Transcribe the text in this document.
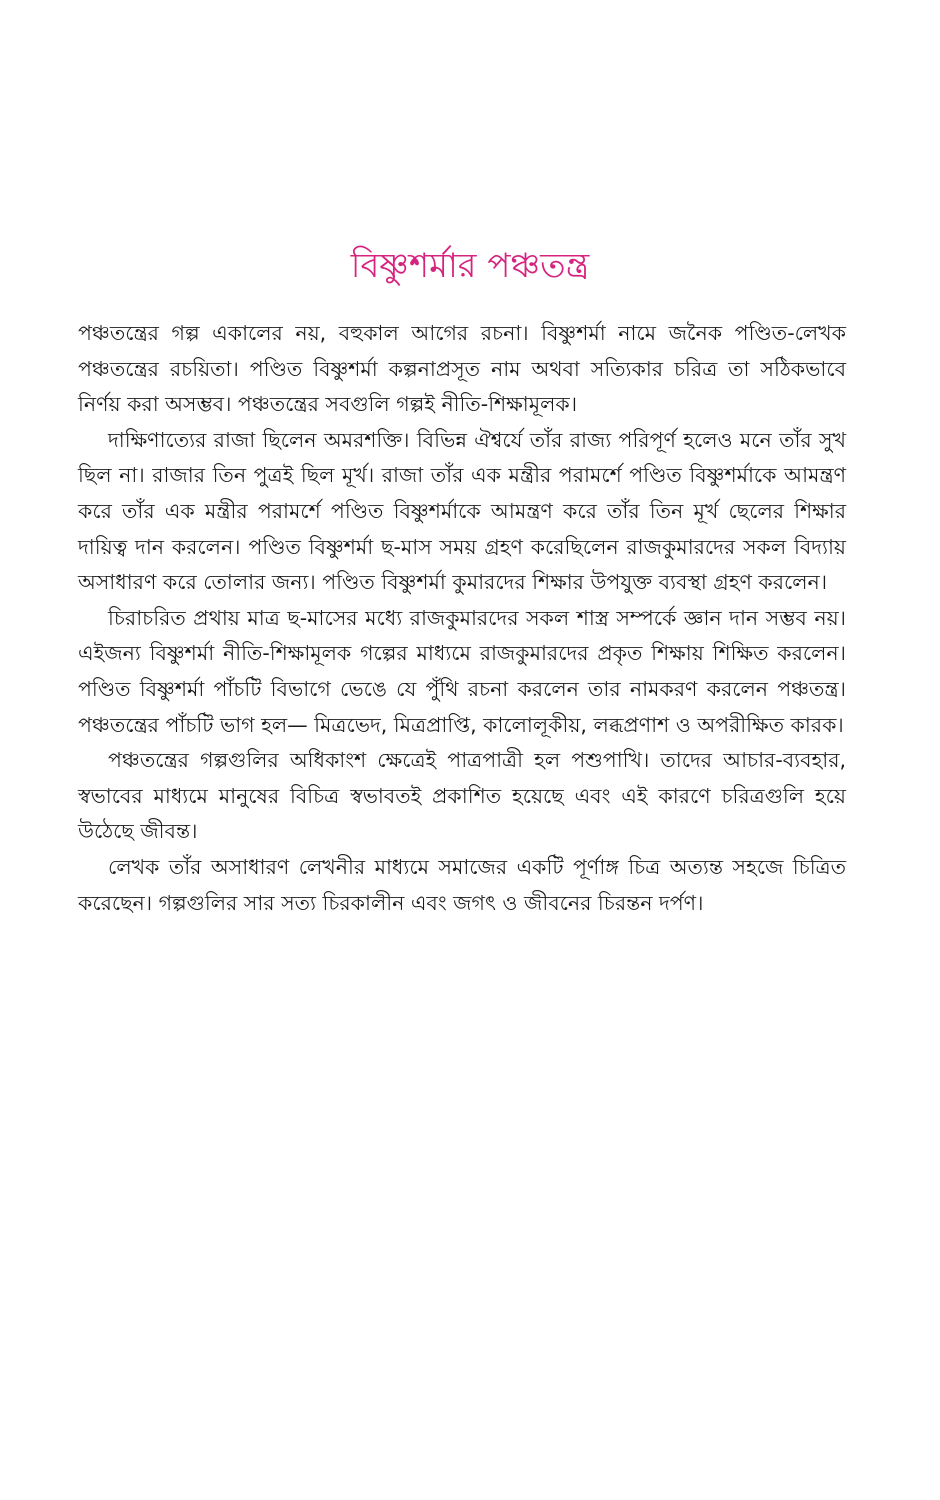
বিষ্ণুশর্মার পঞ্চতন্ত্র

পঞ্চতন্ত্রের গল্প একালের নয়, বহুকাল আগের রচনা। বিষ্ণুশর্মা নামে জনৈক পণ্ডিত-লেখক পঞ্চতন্ত্রের রচয়িতা। পণ্ডিত বিষ্ণুশর্মা কল্পনাপ্রসূত নাম অথবা সত্যিকার চরিত্র তা সঠিকভাবে নির্ণয় করা অসম্ভব। পঞ্চতন্ত্রের সবগুলি গল্পই নীতি-শিক্ষামূলক।

দাক্ষিণাত্যের রাজা ছিলেন অমরশক্তি। বিভিন্ন ঐশ্বর্যে তাঁর রাজ্য পরিপূর্ণ হলেও মনে তাঁর সুখ ছিল না। রাজার তিন পুত্রই ছিল মূর্খ। রাজা তাঁর এক মন্ত্রীর পরামর্শে পণ্ডিত বিষ্ণুশর্মাকে আমন্ত্রণ করে তাঁর এক মন্ত্রীর পরামর্শে পণ্ডিত বিষ্ণুশর্মাকে আমন্ত্রণ করে তাঁর তিন মূর্খ ছেলের শিক্ষার দায়িত্ব দান করলেন। পণ্ডিত বিষ্ণুশর্মা ছ-মাস সময় গ্রহণ করেছিলেন রাজকুমারদের সকল বিদ্যায় অসাধারণ করে তোলার জন্য। পণ্ডিত বিষ্ণুশর্মা কুমারদের শিক্ষার উপযুক্ত ব্যবস্থা গ্রহণ করলেন।

চিরাচরিত প্রথায় মাত্র ছ-মাসের মধ্যে রাজকুমারদের সকল শাস্ত্র সম্পর্কে জ্ঞান দান সম্ভব নয়। এইজন্য বিষ্ণুশর্মা নীতি-শিক্ষামূলক গল্পের মাধ্যমে রাজকুমারদের প্রকৃত শিক্ষায় শিক্ষিত করলেন। পণ্ডিত বিষ্ণুশর্মা পাঁচটি বিভাগে ভেঙে যে পুঁথি রচনা করলেন তার নামকরণ করলেন পঞ্চতন্ত্র। পঞ্চতন্ত্রের পাঁচটি ভাগ হল— মিত্রভেদ, মিত্রপ্রাপ্তি, কালোলূকীয়, লব্ধপ্রণাশ ও অপরীক্ষিত কারক।

পঞ্চতন্ত্রের গল্পগুলির অধিকাংশ ক্ষেত্রেই পাত্রপাত্রী হল পশুপাখি। তাদের আচার-ব্যবহার, স্বভাবের মাধ্যমে মানুষের বিচিত্র স্বভাবতই প্রকাশিত হয়েছে এবং এই কারণে চরিত্রগুলি হয়ে উঠেছে জীবন্ত।

লেখক তাঁর অসাধারণ লেখনীর মাধ্যমে সমাজের একটি পূর্ণাঙ্গ চিত্র অত্যন্ত সহজে চিত্রিত করেছেন। গল্পগুলির সার সত্য চিরকালীন এবং জগৎ ও জীবনের চিরন্তন দর্পণ।
